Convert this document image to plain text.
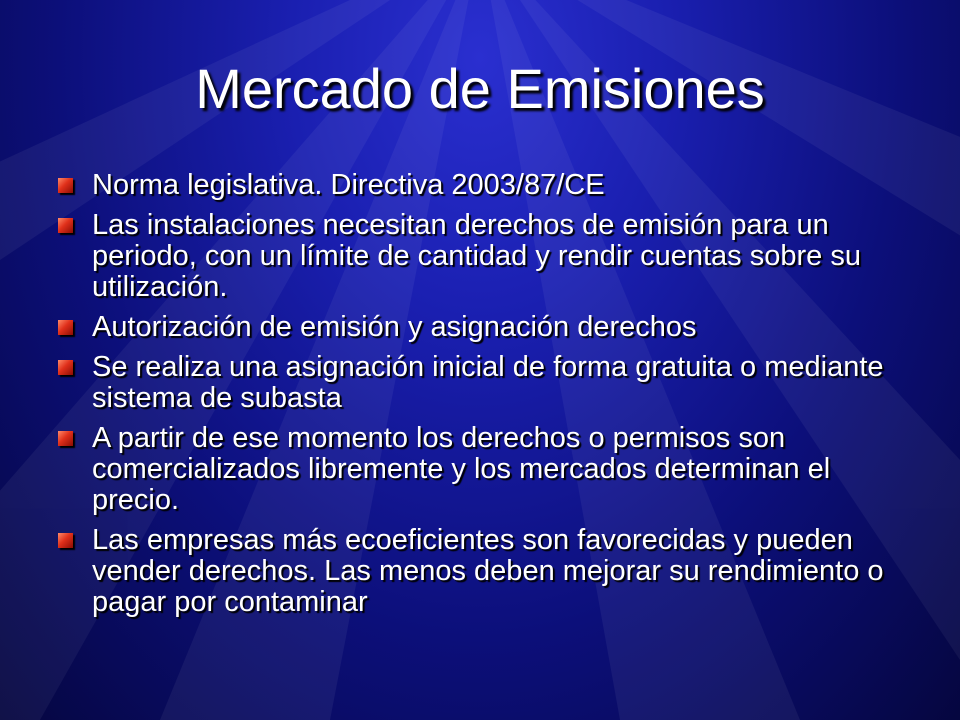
Mercado de Emisiones
Norma legislativa. Directiva 2003/87/CE
Las instalaciones necesitan derechos de emisión para un periodo, con un límite de cantidad y rendir cuentas sobre su utilización.
Autorización de emisión y asignación derechos
Se realiza una asignación inicial de forma gratuita o mediante sistema de subasta
A partir de ese momento los derechos o permisos son comercializados libremente y los mercados determinan el precio.
Las empresas más ecoeficientes son favorecidas y pueden vender derechos. Las menos deben mejorar su rendimiento o pagar por contaminar
